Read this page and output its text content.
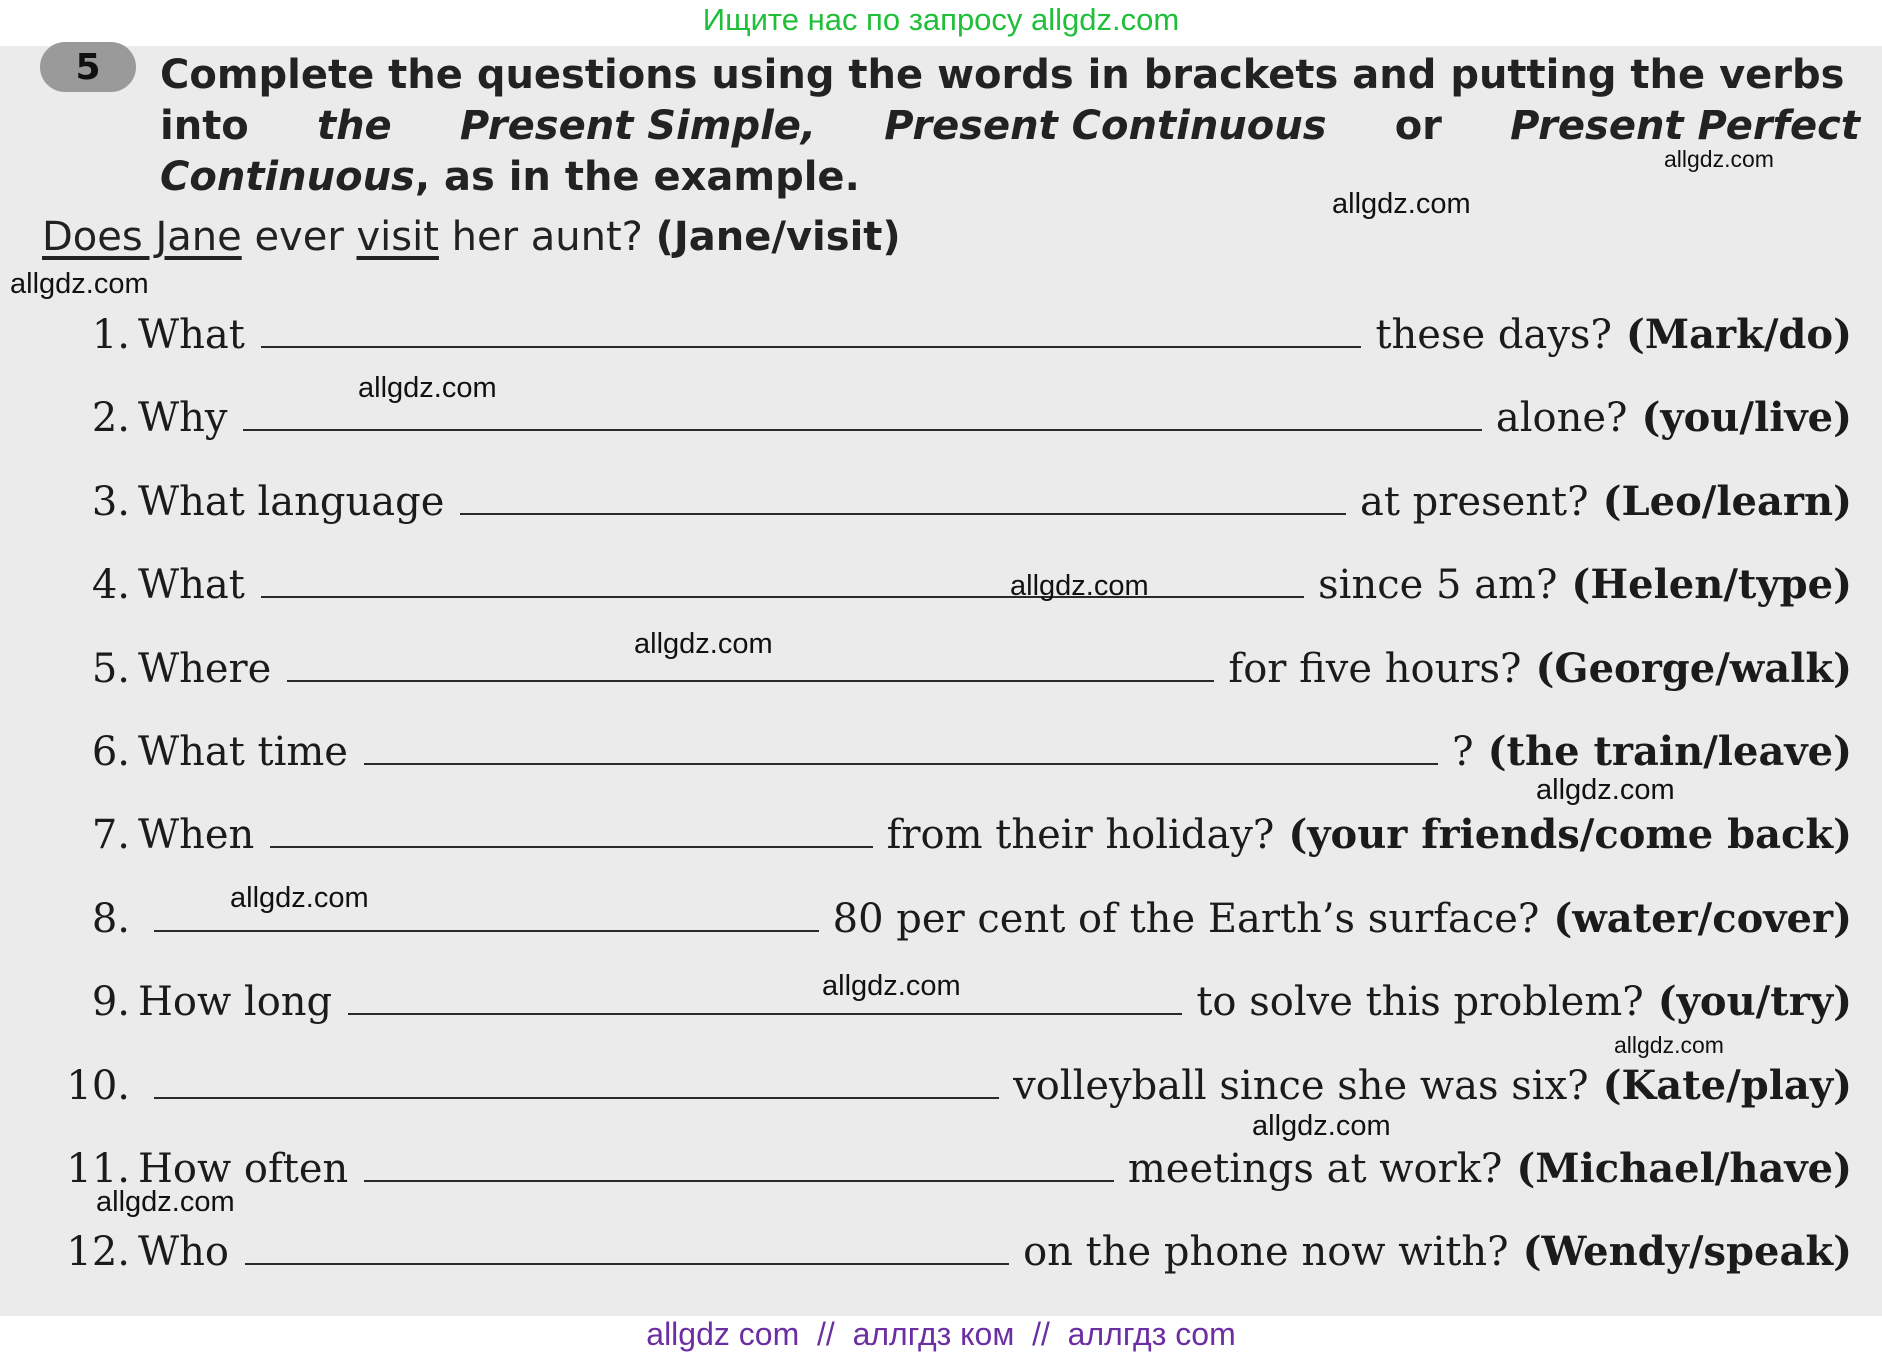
Ищите нас по запросу allgdz.com
5	Complete the questions using the words in brackets and putting the verbs
into the Present Simple, Present Continuous or Present Perfect
Continuous, as in the example.
Does Jane ever visit her aunt? (Jane/visit)
1. What	these days? (Mark/do)
2. Why	alone? (you/live)
3. What language	at present? (Leo/learn)
4. What	since 5 am? (Helen/type)
5. Where	for five hours? (George/walk)
6. What time	? (the train/leave)
7. When	from their holiday? (your friends/come back)
8.	80 per cent of the Earth’s surface? (water/cover)
9. How long	to solve this problem? (you/try)
10.	volleyball since she was six? (Kate/play)
11. How often	meetings at work? (Michael/have)
12. Who	on the phone now with? (Wendy/speak)
allgdz.com
allgdz.com
allgdz.com
allgdz.com
allgdz.com
allgdz.com
allgdz.com
allgdz.com
allgdz.com
allgdz.com
allgdz.com
allgdz.com
allgdz com  //  аллгдз ком  //  аллгдз com
